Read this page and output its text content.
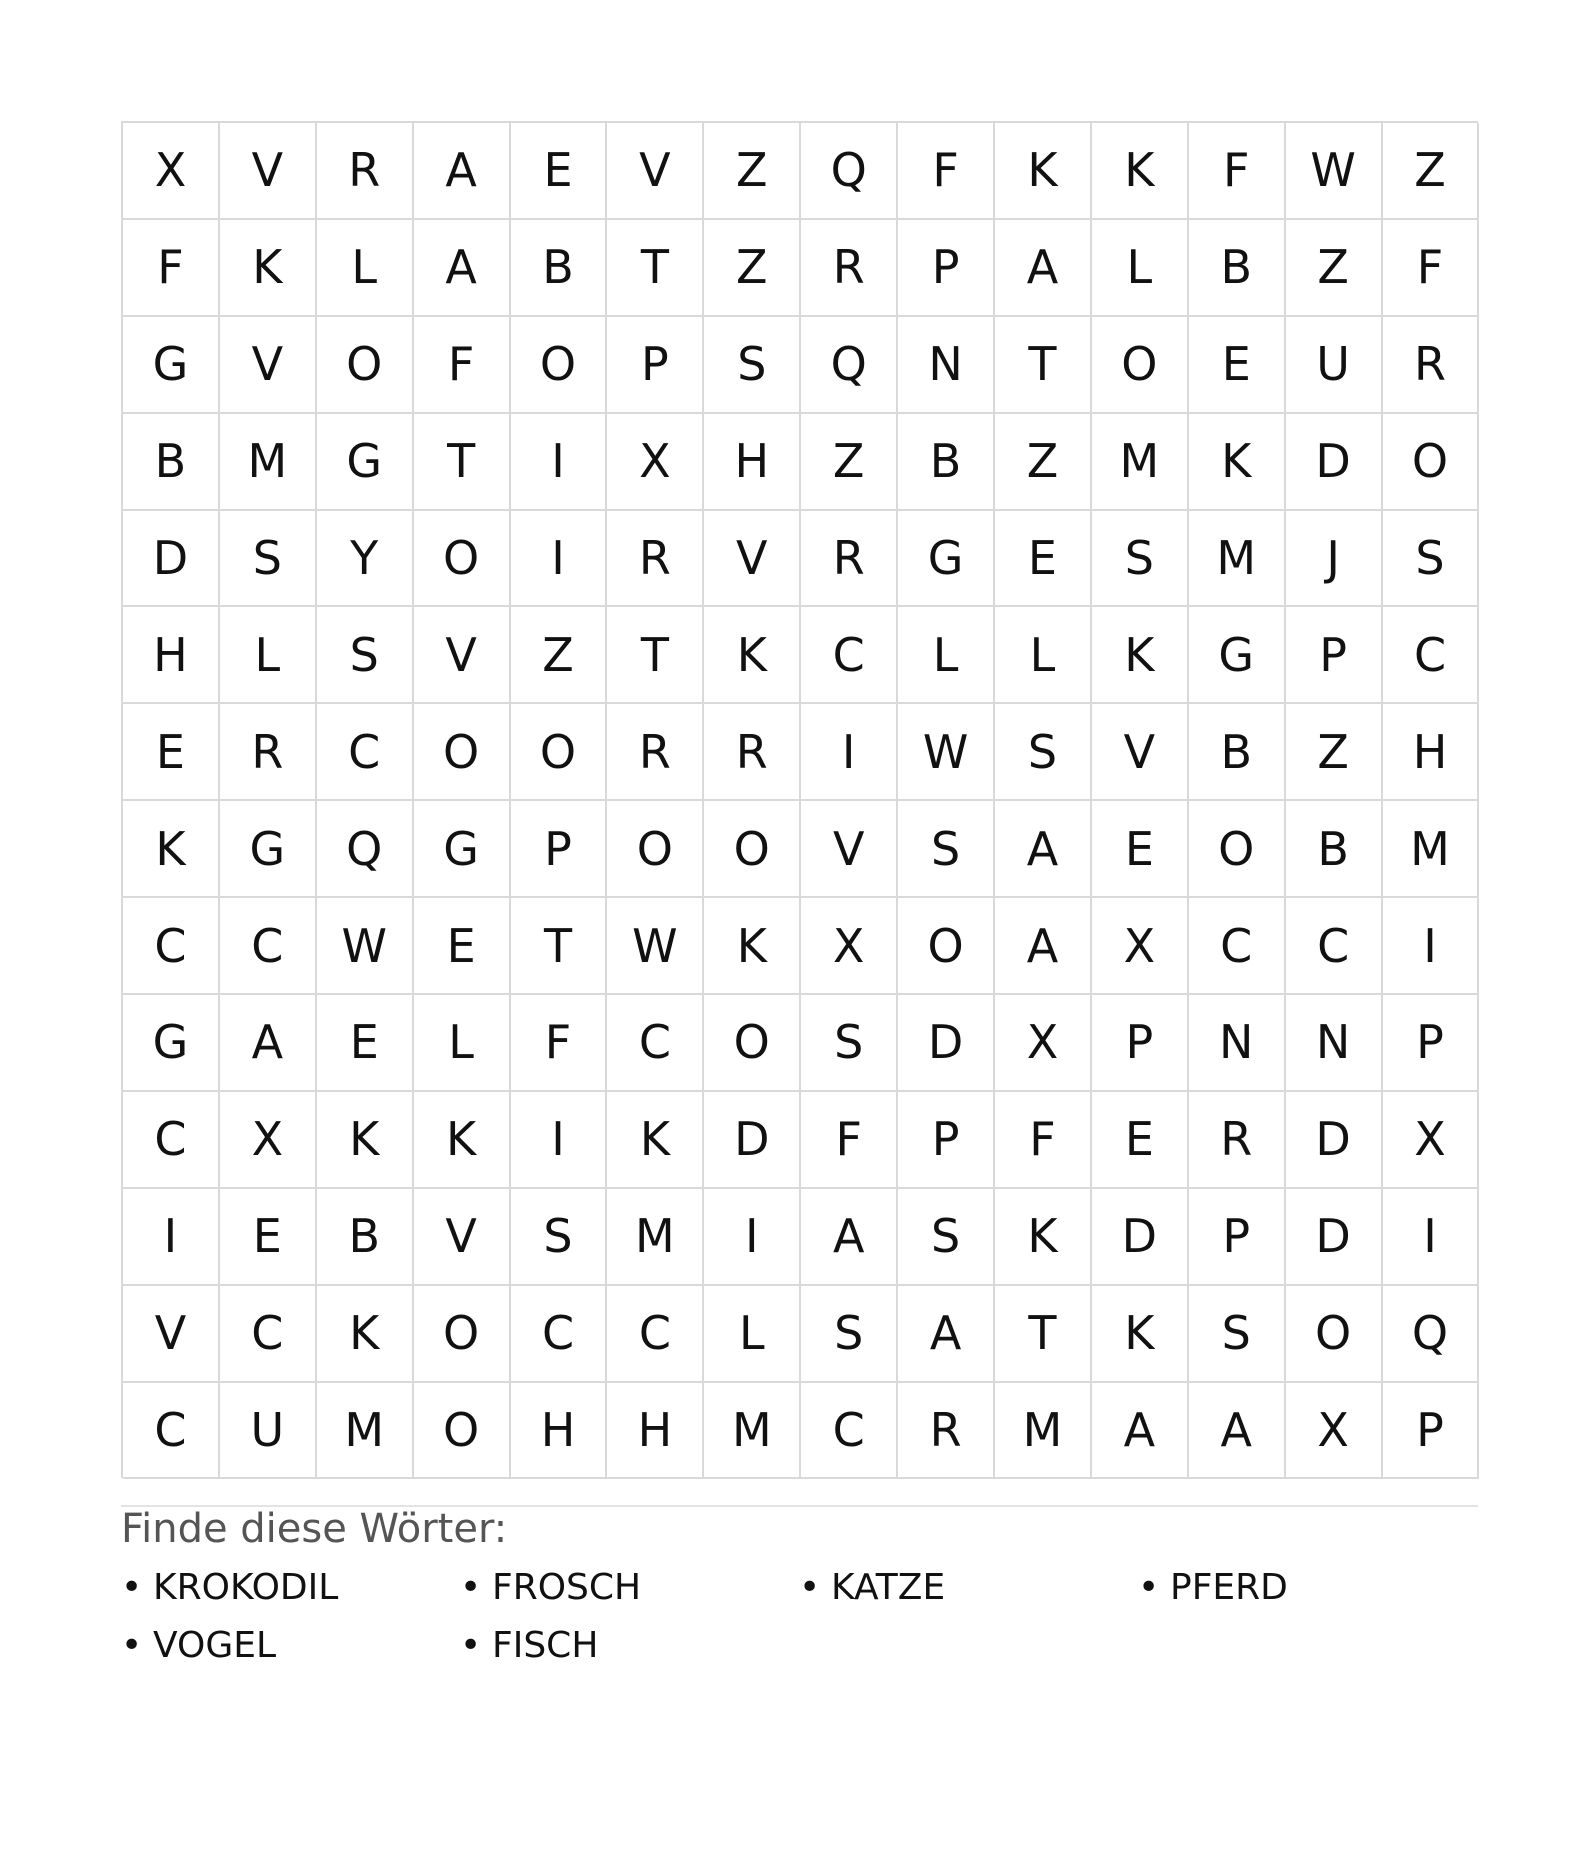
X	V	R	A	E	V	Z	Q	F	K	K	F	W	Z
F	K	L	A	B	T	Z	R	P	A	L	B	Z	F
G	V	O	F	O	P	S	Q	N	T	O	E	U	R
B	M	G	T	I	X	H	Z	B	Z	M	K	D	O
D	S	Y	O	I	R	V	R	G	E	S	M	J	S
H	L	S	V	Z	T	K	C	L	L	K	G	P	C
E	R	C	O	O	R	R	I	W	S	V	B	Z	H
K	G	Q	G	P	O	O	V	S	A	E	O	B	M
C	C	W	E	T	W	K	X	O	A	X	C	C	I
G	A	E	L	F	C	O	S	D	X	P	N	N	P
C	X	K	K	I	K	D	F	P	F	E	R	D	X
I	E	B	V	S	M	I	A	S	K	D	P	D	I
V	C	K	O	C	C	L	S	A	T	K	S	O	Q
C	U	M	O	H	H	M	C	R	M	A	A	X	P
Finde diese Wörter:
• KROKODIL	• FROSCH	• KATZE	• PFERD
• VOGEL	• FISCH
